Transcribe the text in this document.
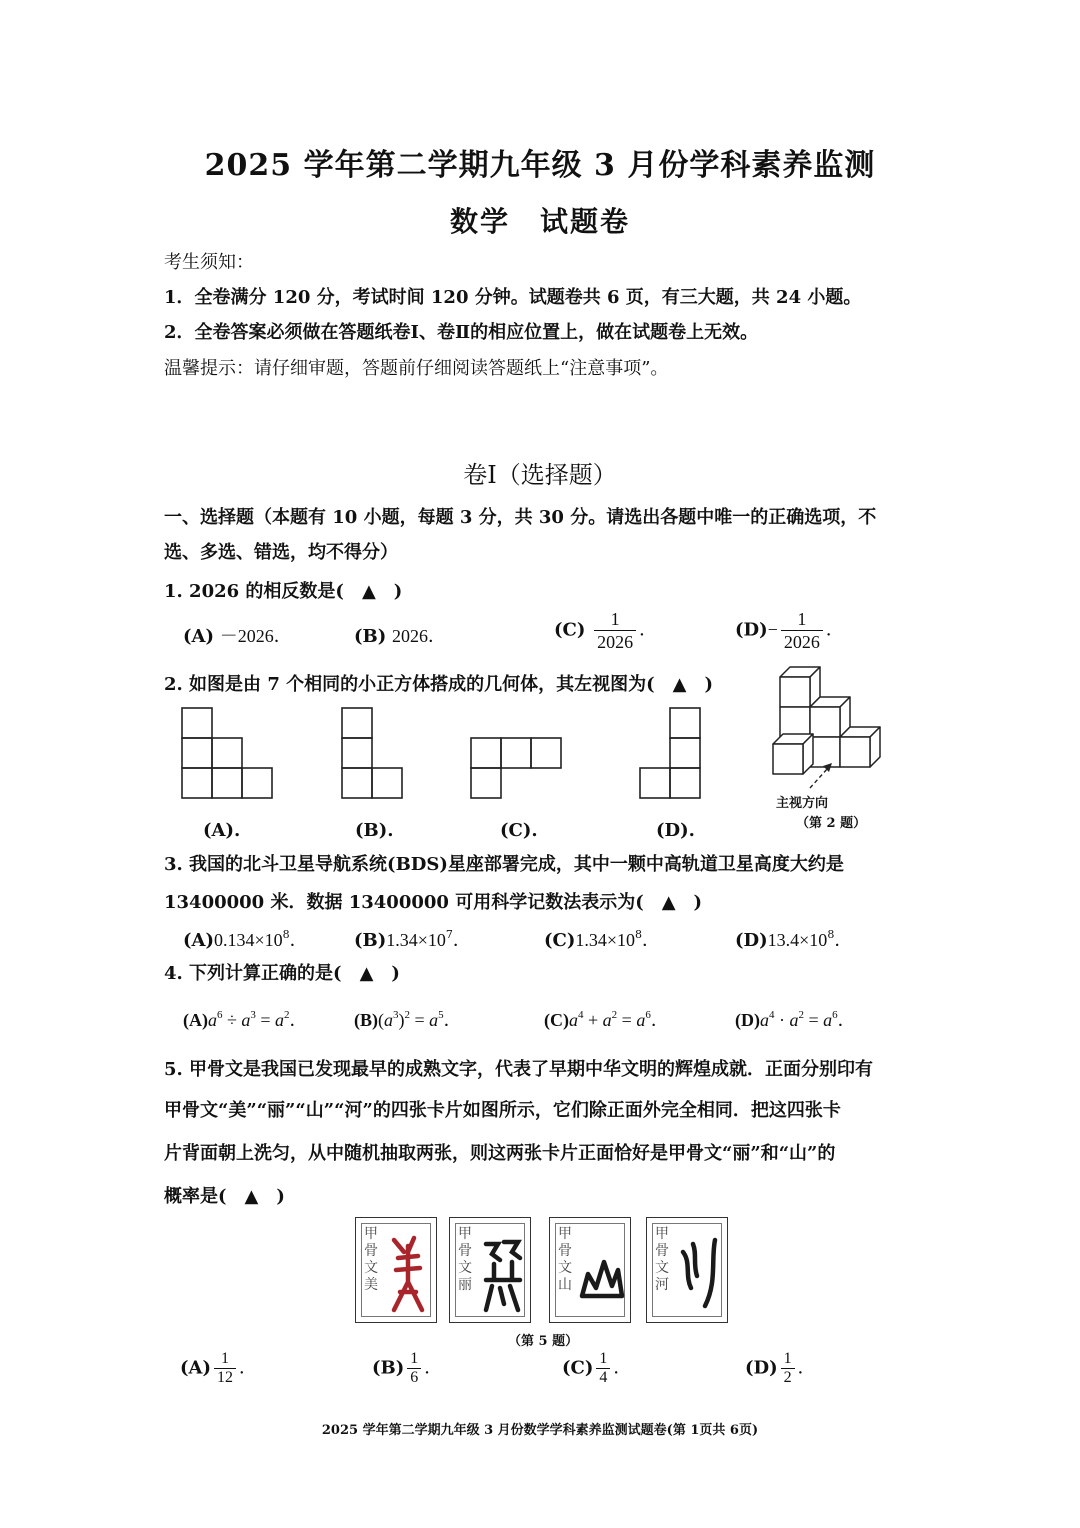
2025 学年第二学期九年级 3 月份学科素养监测
数学　试题卷
考生须知：
1．全卷满分 120 分，考试时间 120 分钟。试题卷共 6 页，有三大题，共 24 小题。
2．全卷答案必须做在答题纸卷Ⅰ、卷Ⅱ的相应位置上，做在试题卷上无效。
温馨提示：请仔细审题，答题前仔细阅读答题纸上“注意事项”。
卷Ⅰ（选择题）
一、选择题（本题有 10 小题，每题 3 分，共 30 分。请选出各题中唯一的正确选项，不
选、多选、错选，均不得分）
1. 2026 的相反数是(　▲　)
(A) －2026．	(B) 2026．	$(C) \frac{1}{2026}$ ．	$(D)- \frac{1}{2026}$ ．
2. 如图是由 7 个相同的小正方体搭成的几何体，其左视图为(　▲　)
主视方向
（第 2 题）
(A).	(B).	(C).	(D).
3. 我国的北斗卫星导航系统(BDS)星座部署完成，其中一颗中高轨道卫星高度大约是
13400000 米．数据 13400000 可用科学记数法表示为(　▲　)
$(A)0.134\times 10^8$．	$(B)1.34\times 10^7$．	$(C)1.34\times 10^8$．	$(D)13.4\times 10^8$．
4. 下列计算正确的是(　▲　)
$(A)a^6 \div a^3 = a^2$．	$(B)(a^3)^2 = a^5$．	$(C)a^4 + a^2 = a^6$．	$(D)a^4 \cdot a^2 = a^6$．
5. 甲骨文是我国已发现最早的成熟文字，代表了早期中华文明的辉煌成就．正面分别印有
甲骨文“美”“丽”“山”“河”的四张卡片如图所示，它们除正面外完全相同．把这四张卡
片背面朝上洗匀，从中随机抽取两张，则这两张卡片正面恰好是甲骨文“丽”和“山”的
概率是(　▲　)
甲骨文美
甲骨文丽
甲骨文山
甲骨文河
（第 5 题）
$(A) \frac{1}{12}$ ．	$(B) \frac{1}{6}$ ．	$(C) \frac{1}{4}$ ．	$(D) \frac{1}{2}$ ．
2025 学年第二学期九年级 3 月份数学学科素养监测试题卷(第 1页共 6页)
